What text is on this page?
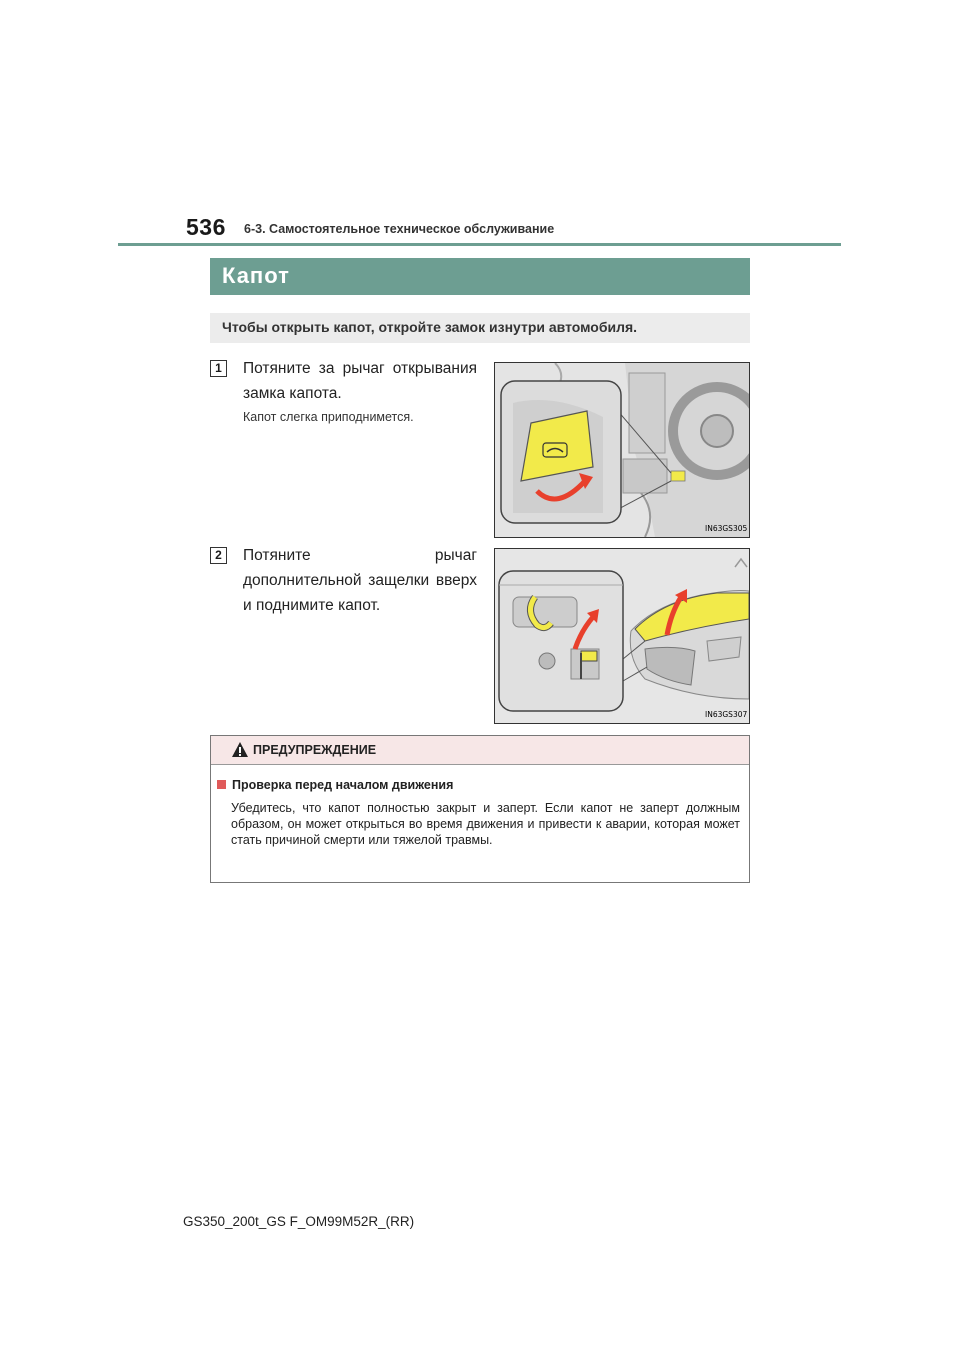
536 6-3. Самостоятельное техническое обслуживание
Капот
Чтобы открыть капот, откройте замок изнутри автомобиля.
1	Потяните за рычаг открывания замка капота.
Капот слегка приподнимется.
IN63GS305
2	Потяните рычаг дополнительной защелки вверх и поднимите капот.
IN63GS307
ПРЕДУПРЕЖДЕНИЕ
Проверка перед началом движения
Убедитесь, что капот полностью закрыт и заперт. Если капот не заперт должным образом, он может открыться во время движения и привести к аварии, которая может стать причиной смерти или тяжелой травмы.
GS350_200t_GS F_OM99M52R_(RR)
